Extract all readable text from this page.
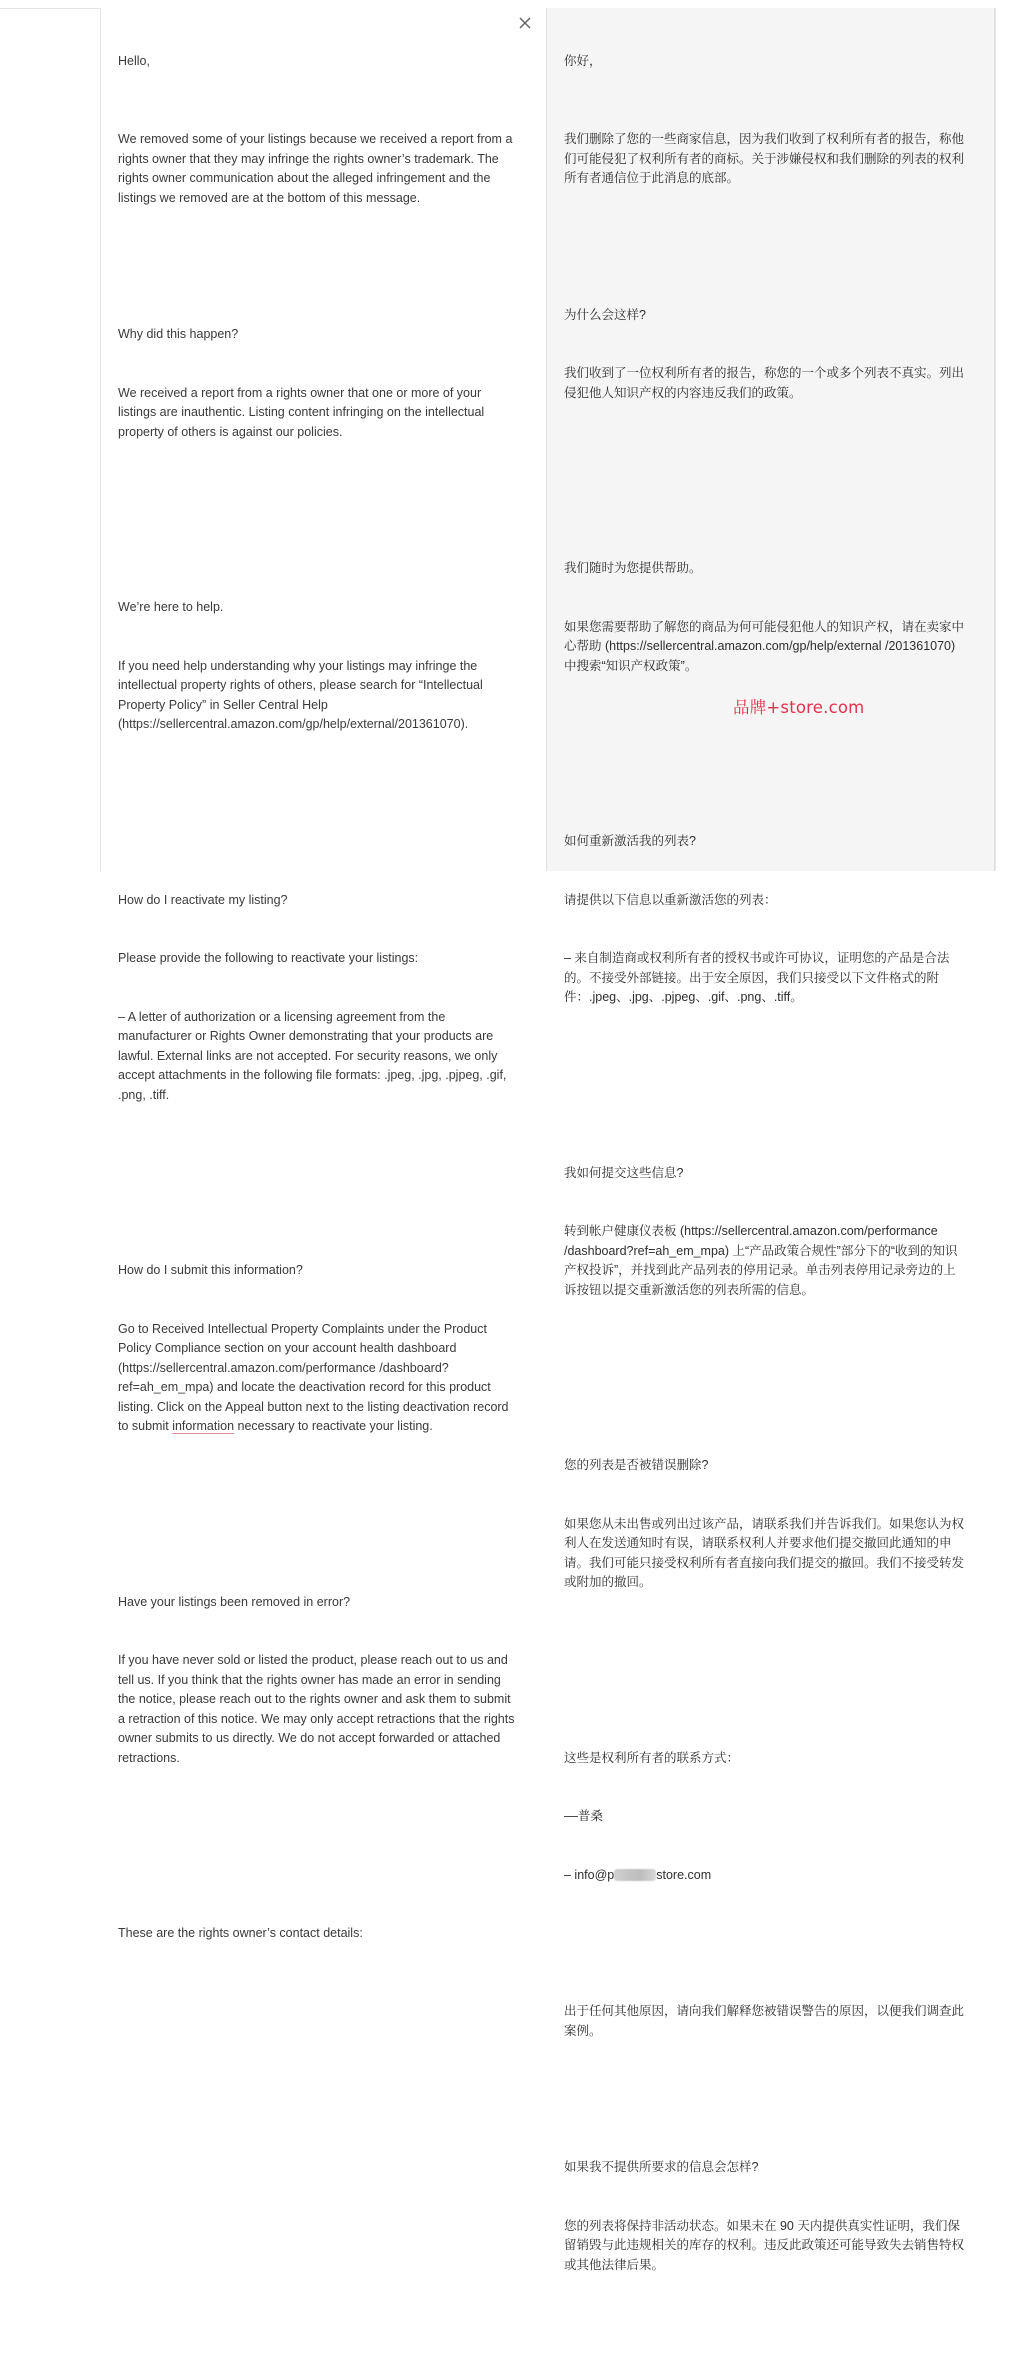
Hello,

We removed some of your listings because we received a report from a rights owner that they may infringe the rights owner’s trademark. The rights owner communication about the alleged infringement and the listings we removed are at the bottom of this message.

Why did this happen?

We received a report from a rights owner that one or more of your listings are inauthentic. Listing content infringing on the intellectual property of others is against our policies.

We’re here to help.

If you need help understanding why your listings may infringe the intellectual property rights of others, please search for “Intellectual Property Policy” in Seller Central Help (https://sellercentral.amazon.com/gp/help/external/201361070).

How do I reactivate my listing?

Please provide the following to reactivate your listings:

– A letter of authorization or a licensing agreement from the manufacturer or Rights Owner demonstrating that your products are lawful. External links are not accepted. For security reasons, we only accept attachments in the following file formats: .jpeg, .jpg, .pjpeg, .gif, .png, .tiff.

How do I submit this information?

Go to Received Intellectual Property Complaints under the Product Policy Compliance section on your account health dashboard (https://sellercentral.amazon.com/performance /dashboard?ref=ah_em_mpa) and locate the deactivation record for this product listing. Click on the Appeal button next to the listing deactivation record to submit information necessary to reactivate your listing.

Have your listings been removed in error?

If you have never sold or listed the product, please reach out to us and tell us. If you think that the rights owner has made an error in sending the notice, please reach out to the rights owner and ask them to submit a retraction of this notice. We may only accept retractions that the rights owner submits to us directly. We do not accept forwarded or attached retractions.

These are the rights owner’s contact details:

你好，

我们删除了您的一些商家信息，因为我们收到了权利所有者的报告，称他们可能侵犯了权利所有者的商标。关于涉嫌侵权和我们删除的列表的权利所有者通信位于此消息的底部。

为什么会这样?

我们收到了一位权利所有者的报告，称您的一个或多个列表不真实。列出侵犯他人知识产权的内容违反我们的政策。

我们随时为您提供帮助。

如果您需要帮助了解您的商品为何可能侵犯他人的知识产权，请在卖家中心帮助 (https://sellercentral.amazon.com/gp/help/external /201361070) 中搜索“知识产权政策”。

如何重新激活我的列表?

请提供以下信息以重新激活您的列表：

– 来自制造商或权利所有者的授权书或许可协议，证明您的产品是合法的。不接受外部链接。出于安全原因，我们只接受以下文件格式的附件：.jpeg、.jpg、.pjpeg、.gif、.png、.tiff。

我如何提交这些信息?

转到帐户健康仪表板 (https://sellercentral.amazon.com/performance /dashboard?ref=ah_em_mpa) 上“产品政策合规性”部分下的“收到的知识产权投诉”，并找到此产品列表的停用记录。单击列表停用记录旁边的上诉按钮以提交重新激活您的列表所需的信息。

您的列表是否被错误删除?

如果您从未出售或列出过该产品，请联系我们并告诉我们。如果您认为权利人在发送通知时有误，请联系权利人并要求他们提交撤回此通知的申请。我们可能只接受权利所有者直接向我们提交的撤回。我们不接受转发或附加的撤回。

这些是权利所有者的联系方式：

––普桑

– info@p	store.com

出于任何其他原因，请向我们解释您被错误警告的原因，以便我们调查此案例。

如果我不提供所要求的信息会怎样?

您的列表将保持非活动状态。如果未在 90 天内提供真实性证明，我们保留销毁与此违规相关的库存的权利。违反此政策还可能导致失去销售特权或其他法律后果。

品牌+store.com
